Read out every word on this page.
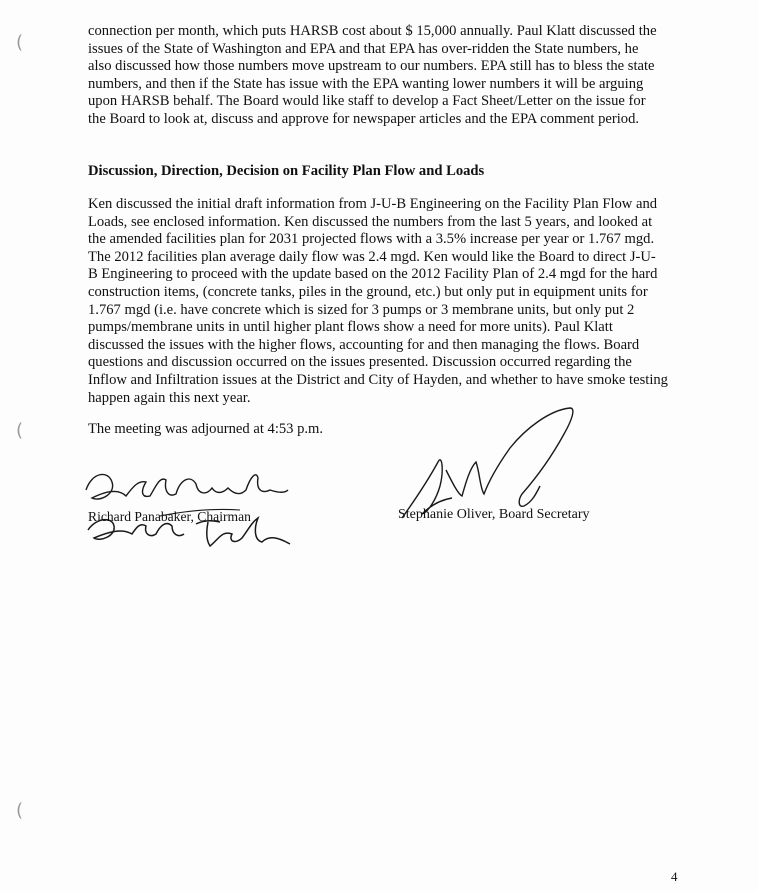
(
(
(
connection per month, which puts HARSB cost about $ 15,000 annually. Paul Klatt discussed the
issues of the State of Washington and EPA and that EPA has over-ridden the State numbers, he
also discussed how those numbers move upstream to our numbers. EPA still has to bless the state
numbers, and then if the State has issue with the EPA wanting lower numbers it will be arguing
upon HARSB behalf. The Board would like staff to develop a Fact Sheet/Letter on the issue for
the Board to look at, discuss and approve for newspaper articles and the EPA comment period.
Discussion, Direction, Decision on Facility Plan Flow and Loads
Ken discussed the initial draft information from J-U-B Engineering on the Facility Plan Flow and
Loads, see enclosed information. Ken discussed the numbers from the last 5 years, and looked at
the amended facilities plan for 2031 projected flows with a 3.5% increase per year or 1.767 mgd.
The 2012 facilities plan average daily flow was 2.4 mgd. Ken would like the Board to direct J-U-
B Engineering to proceed with the update based on the 2012 Facility Plan of 2.4 mgd for the hard
construction items, (concrete tanks, piles in the ground, etc.) but only put in equipment units for
1.767 mgd (i.e. have concrete which is sized for 3 pumps or 3 membrane units, but only put 2
pumps/membrane units in until higher plant flows show a need for more units). Paul Klatt
discussed the issues with the higher flows, accounting for and then managing the flows. Board
questions and discussion occurred on the issues presented. Discussion occurred regarding the
Inflow and Infiltration issues at the District and City of Hayden, and whether to have smoke testing
happen again this next year.
The meeting was adjourned at 4:53 p.m.
Richard Panabaker, Chairman	Stephanie Oliver, Board Secretary
4
